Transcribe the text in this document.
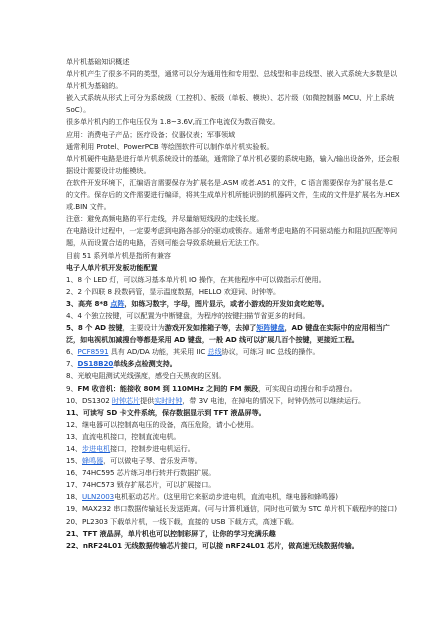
单片机基础知识概述

单片机产生了很多不同的类型，通常可以分为通用性和专用型、总线型和非总线型、嵌入式系统大多数是以单片机为基础的。

嵌入式系统从形式上可分为系统级（工控机）、板级（单板、模块）、芯片级（如微控制器 MCU、片上系统 SoC）。

很多单片机内的工作电压仅为 1.8~3.6V,而工作电流仅为数百微安。

应用：消费电子产品；医疗设备；仪器仪表；军事领域

通常利用 Protel、PowerPCB 等绘图软件可以制作单片机实验板。

单片机硬件电路是进行单片机系统设计的基础，通常除了单片机必要的系统电路，输入/输出设备外，还会根据设计需要设计功能模块。

在软件开发环境下，汇编语言需要保存为扩展名是.ASM 或者.A51 的文件，C 语言需要保存为扩展名是.C 的文件。保存后的文件需要进行编译，将其生成单片机所能识别的机器码文件，生成的文件是扩展名为.HEX 或.BIN 文件。

注意：避免高频电路的平行走线，并尽量缩短线段的走线长度。

在电路设计过程中，一定要考虑到电路各部分的驱动或锁存。通常考虑电路的不同驱动能力和阻抗匹配等问题，从而设置合适的电路，否则可能会导致系统最后无法工作。

目前 51 系列单片机是指所有兼容

电子人单片机开发板功能配置

1、8 个 LED 灯，可以练习基本单片机 IO 操作，在其他程序中可以做指示灯使用。

2、2 个四联 8 段数码管，显示温度数据，HELLO 欢迎词、时钟等。

3、高亮 8*8 点阵，如练习数字，字母，图片显示，或者小游戏的开发如贪吃蛇等。

4、4 个独立按键，可以配置为中断键盘，为程序的按键扫描节省更多的时间。

5、8 个 AD 按键，主要设计为游戏开发如推箱子等，去掉了矩阵键盘，AD 键盘在实际中的应用相当广泛，如电视机加减搜台等都是采用 AD 键盘，一般 AD 线可以扩展几百个按键，更接近工程。

6、PCF8591 具有 AD/DA 功能，其采用 IIC 总线协议，可练习 IIC 总线的操作。

7、DS18B20单线多点检测支持。

8、光敏电阻测试光线强度，感受白天黑夜的区别。

9、FM 收音机：能接收 80M 到 110MHz 之间的 FM 频段，可实现自动搜台和手动搜台。

10、DS1302 时钟芯片提供实时时钟，带 3V 电池，在掉电的情况下，时钟仍然可以继续运行。

11、可读写 SD 卡文件系统，保存数据显示到 TFT 液晶屏等。

12、继电器可以控制高电压的设备，高压危险，请小心使用。

13、直流电机接口，控制直流电机。

14、步进电机接口，控制步进电机运行。

15、蜂鸣器，可以做电子琴、音乐发声等。

16、74HC595 芯片练习串行转并行数据扩展。

17、74HC573 锁存扩展芯片，可以扩展接口。

18、ULN2003电机驱动芯片。(这里用它来驱动步进电机，直流电机，继电器和蜂鸣器)

19、MAX232 串口数据传输延长发送距离。(可与计算机通信，同时也可做为 STC 单片机下载程序的接口)

20、PL2303 下载单片机，一线下载，直接的 USB 下载方式，高速下载。

21、TFT 液晶屏，单片机也可以控制彩屏了，让你的学习充满乐趣

22、nRF24L01 无线数据传输芯片接口，可以接 nRF24L01 芯片，做高速无线数据传输。
